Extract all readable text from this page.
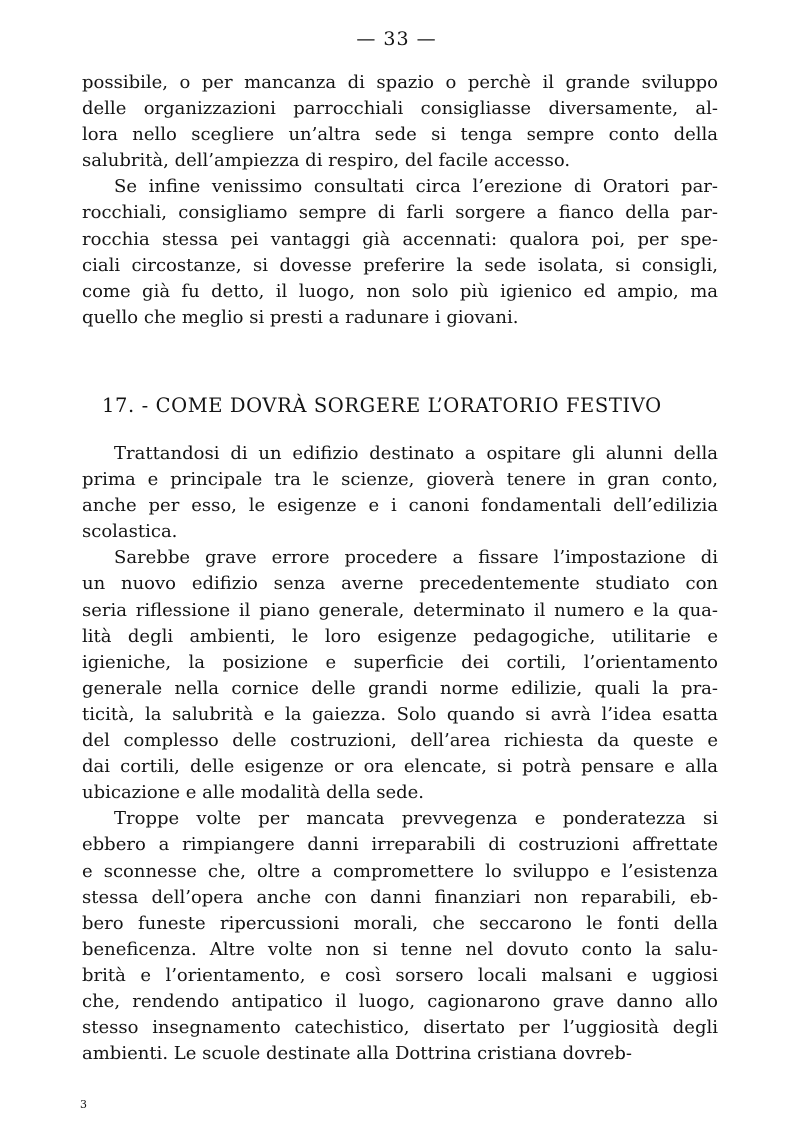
— 33 —
possibile, o per mancanza di spazio o perchè il grande sviluppo
delle organizzazioni parrocchiali consigliasse diversamente, al-
lora nello scegliere un’altra sede si tenga sempre conto della
salubrità, dell’ampiezza di respiro, del facile accesso.
Se infine venissimo consultati circa l’erezione di Oratori par-
rocchiali, consigliamo sempre di farli sorgere a fianco della par-
rocchia stessa pei vantaggi già accennati: qualora poi, per spe-
ciali circostanze, si dovesse preferire la sede isolata, si consigli,
come già fu detto, il luogo, non solo più igienico ed ampio, ma
quello che meglio si presti a radunare i giovani.
17. - COME DOVRÀ SORGERE L’ORATORIO FESTIVO
Trattandosi di un edifizio destinato a ospitare gli alunni della
prima e principale tra le scienze, gioverà tenere in gran conto,
anche per esso, le esigenze e i canoni fondamentali dell’edilizia
scolastica.
Sarebbe grave errore procedere a fissare l’impostazione di
un nuovo edifizio senza averne precedentemente studiato con
seria riflessione il piano generale, determinato il numero e la qua-
lità degli ambienti, le loro esigenze pedagogiche, utilitarie e
igieniche, la posizione e superficie dei cortili, l’orientamento
generale nella cornice delle grandi norme edilizie, quali la pra-
ticità, la salubrità e la gaiezza. Solo quando si avrà l’idea esatta
del complesso delle costruzioni, dell’area richiesta da queste e
dai cortili, delle esigenze or ora elencate, si potrà pensare e alla
ubicazione e alle modalità della sede.
Troppe volte per mancata prevvegenza e ponderatezza si
ebbero a rimpiangere danni irreparabili di costruzioni affrettate
e sconnesse che, oltre a compromettere lo sviluppo e l’esistenza
stessa dell’opera anche con danni finanziari non reparabili, eb-
bero funeste ripercussioni morali, che seccarono le fonti della
beneficenza. Altre volte non si tenne nel dovuto conto la salu-
brità e l’orientamento, e così sorsero locali malsani e uggiosi
che, rendendo antipatico il luogo, cagionarono grave danno allo
stesso insegnamento catechistico, disertato per l’uggiosità degli
ambienti. Le scuole destinate alla Dottrina cristiana dovreb-
3
